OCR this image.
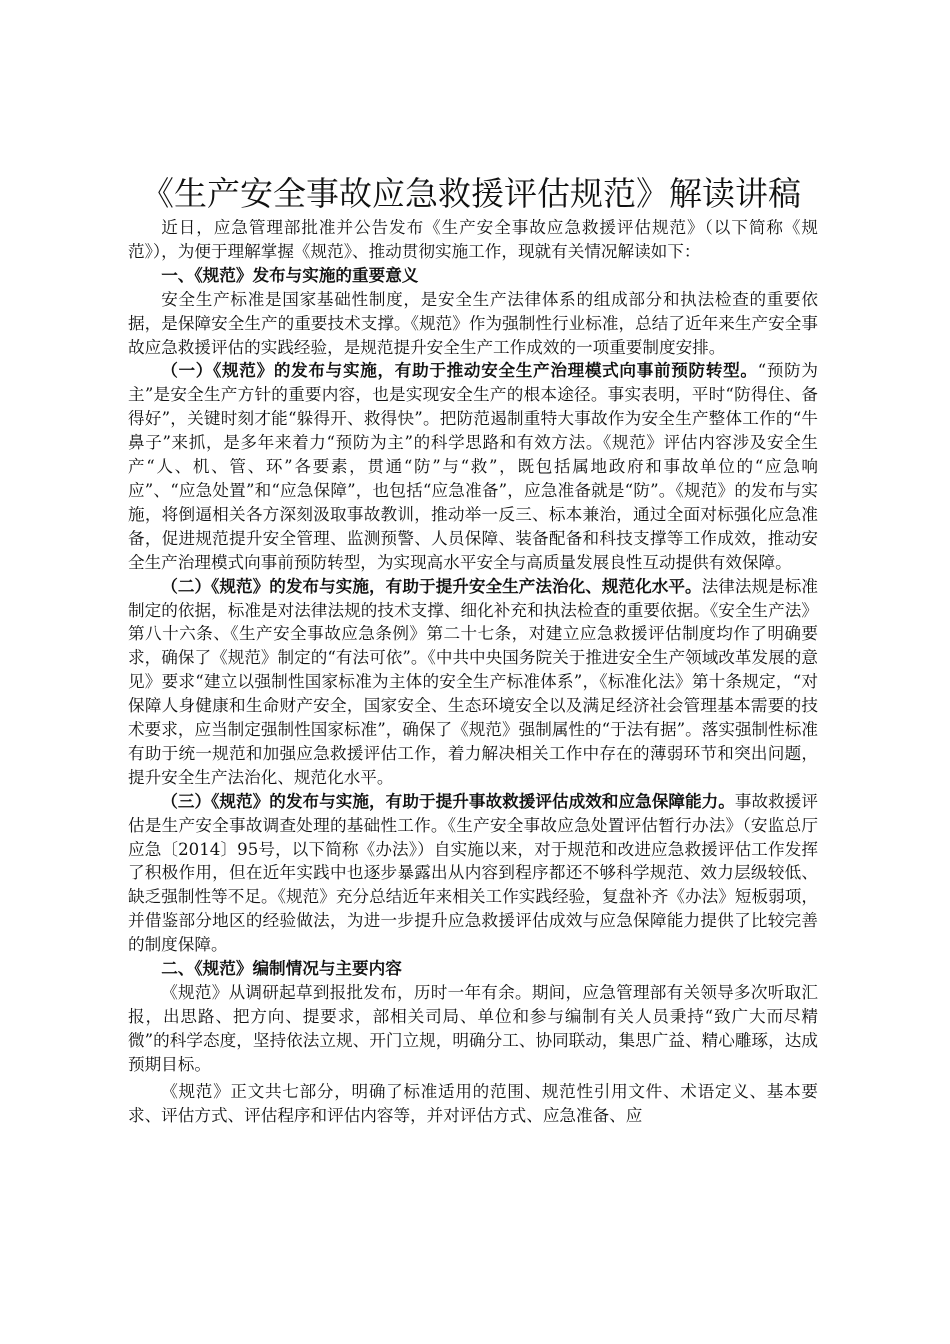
《生产安全事故应急救援评估规范》解读讲稿

近日，应急管理部批准并公告发布《生产安全事故应急救援评估规范》（以下简称《规范》），为便于理解掌握《规范》、推动贯彻实施工作，现就有关情况解读如下：

一、《规范》发布与实施的重要意义

安全生产标准是国家基础性制度，是安全生产法律体系的组成部分和执法检查的重要依据，是保障安全生产的重要技术支撑。《规范》作为强制性行业标准，总结了近年来生产安全事故应急救援评估的实践经验，是规范提升安全生产工作成效的一项重要制度安排。

（一）《规范》的发布与实施，有助于推动安全生产治理模式向事前预防转型。“预防为主”是安全生产方针的重要内容，也是实现安全生产的根本途径。事实表明，平时“防得住、备得好”，关键时刻才能“躲得开、救得快”。把防范遏制重特大事故作为安全生产整体工作的“牛鼻子”来抓，是多年来着力“预防为主”的科学思路和有效方法。《规范》评估内容涉及安全生产“人、机、管、环”各要素，贯通“防”与“救”，既包括属地政府和事故单位的“应急响应”、“应急处置”和“应急保障”，也包括“应急准备”，应急准备就是“防”。《规范》的发布与实施，将倒逼相关各方深刻汲取事故教训，推动举一反三、标本兼治，通过全面对标强化应急准备，促进规范提升安全管理、监测预警、人员保障、装备配备和科技支撑等工作成效，推动安全生产治理模式向事前预防转型，为实现高水平安全与高质量发展良性互动提供有效保障。

（二）《规范》的发布与实施，有助于提升安全生产法治化、规范化水平。法律法规是标准制定的依据，标准是对法律法规的技术支撑、细化补充和执法检查的重要依据。《安全生产法》第八十六条、《生产安全事故应急条例》第二十七条，对建立应急救援评估制度均作了明确要求，确保了《规范》制定的“有法可依”。《中共中央国务院关于推进安全生产领域改革发展的意见》要求“建立以强制性国家标准为主体的安全生产标准体系”，《标准化法》第十条规定，“对保障人身健康和生命财产安全，国家安全、生态环境安全以及满足经济社会管理基本需要的技术要求，应当制定强制性国家标准”，确保了《规范》强制属性的“于法有据”。落实强制性标准有助于统一规范和加强应急救援评估工作，着力解决相关工作中存在的薄弱环节和突出问题，提升安全生产法治化、规范化水平。

（三）《规范》的发布与实施，有助于提升事故救援评估成效和应急保障能力。事故救援评估是生产安全事故调查处理的基础性工作。《生产安全事故应急处置评估暂行办法》（安监总厅应急〔2014〕95号，以下简称《办法》）自实施以来，对于规范和改进应急救援评估工作发挥了积极作用，但在近年实践中也逐步暴露出从内容到程序都还不够科学规范、效力层级较低、缺乏强制性等不足。《规范》充分总结近年来相关工作实践经验，复盘补齐《办法》短板弱项，并借鉴部分地区的经验做法，为进一步提升应急救援评估成效与应急保障能力提供了比较完善的制度保障。

二、《规范》编制情况与主要内容

《规范》从调研起草到报批发布，历时一年有余。期间，应急管理部有关领导多次听取汇报，出思路、把方向、提要求，部相关司局、单位和参与编制有关人员秉持“致广大而尽精微”的科学态度，坚持依法立规、开门立规，明确分工、协同联动，集思广益、精心雕琢，达成预期目标。

《规范》正文共七部分，明确了标准适用的范围、规范性引用文件、术语定义、基本要求、评估方式、评估程序和评估内容等，并对评估方式、应急准备、应
